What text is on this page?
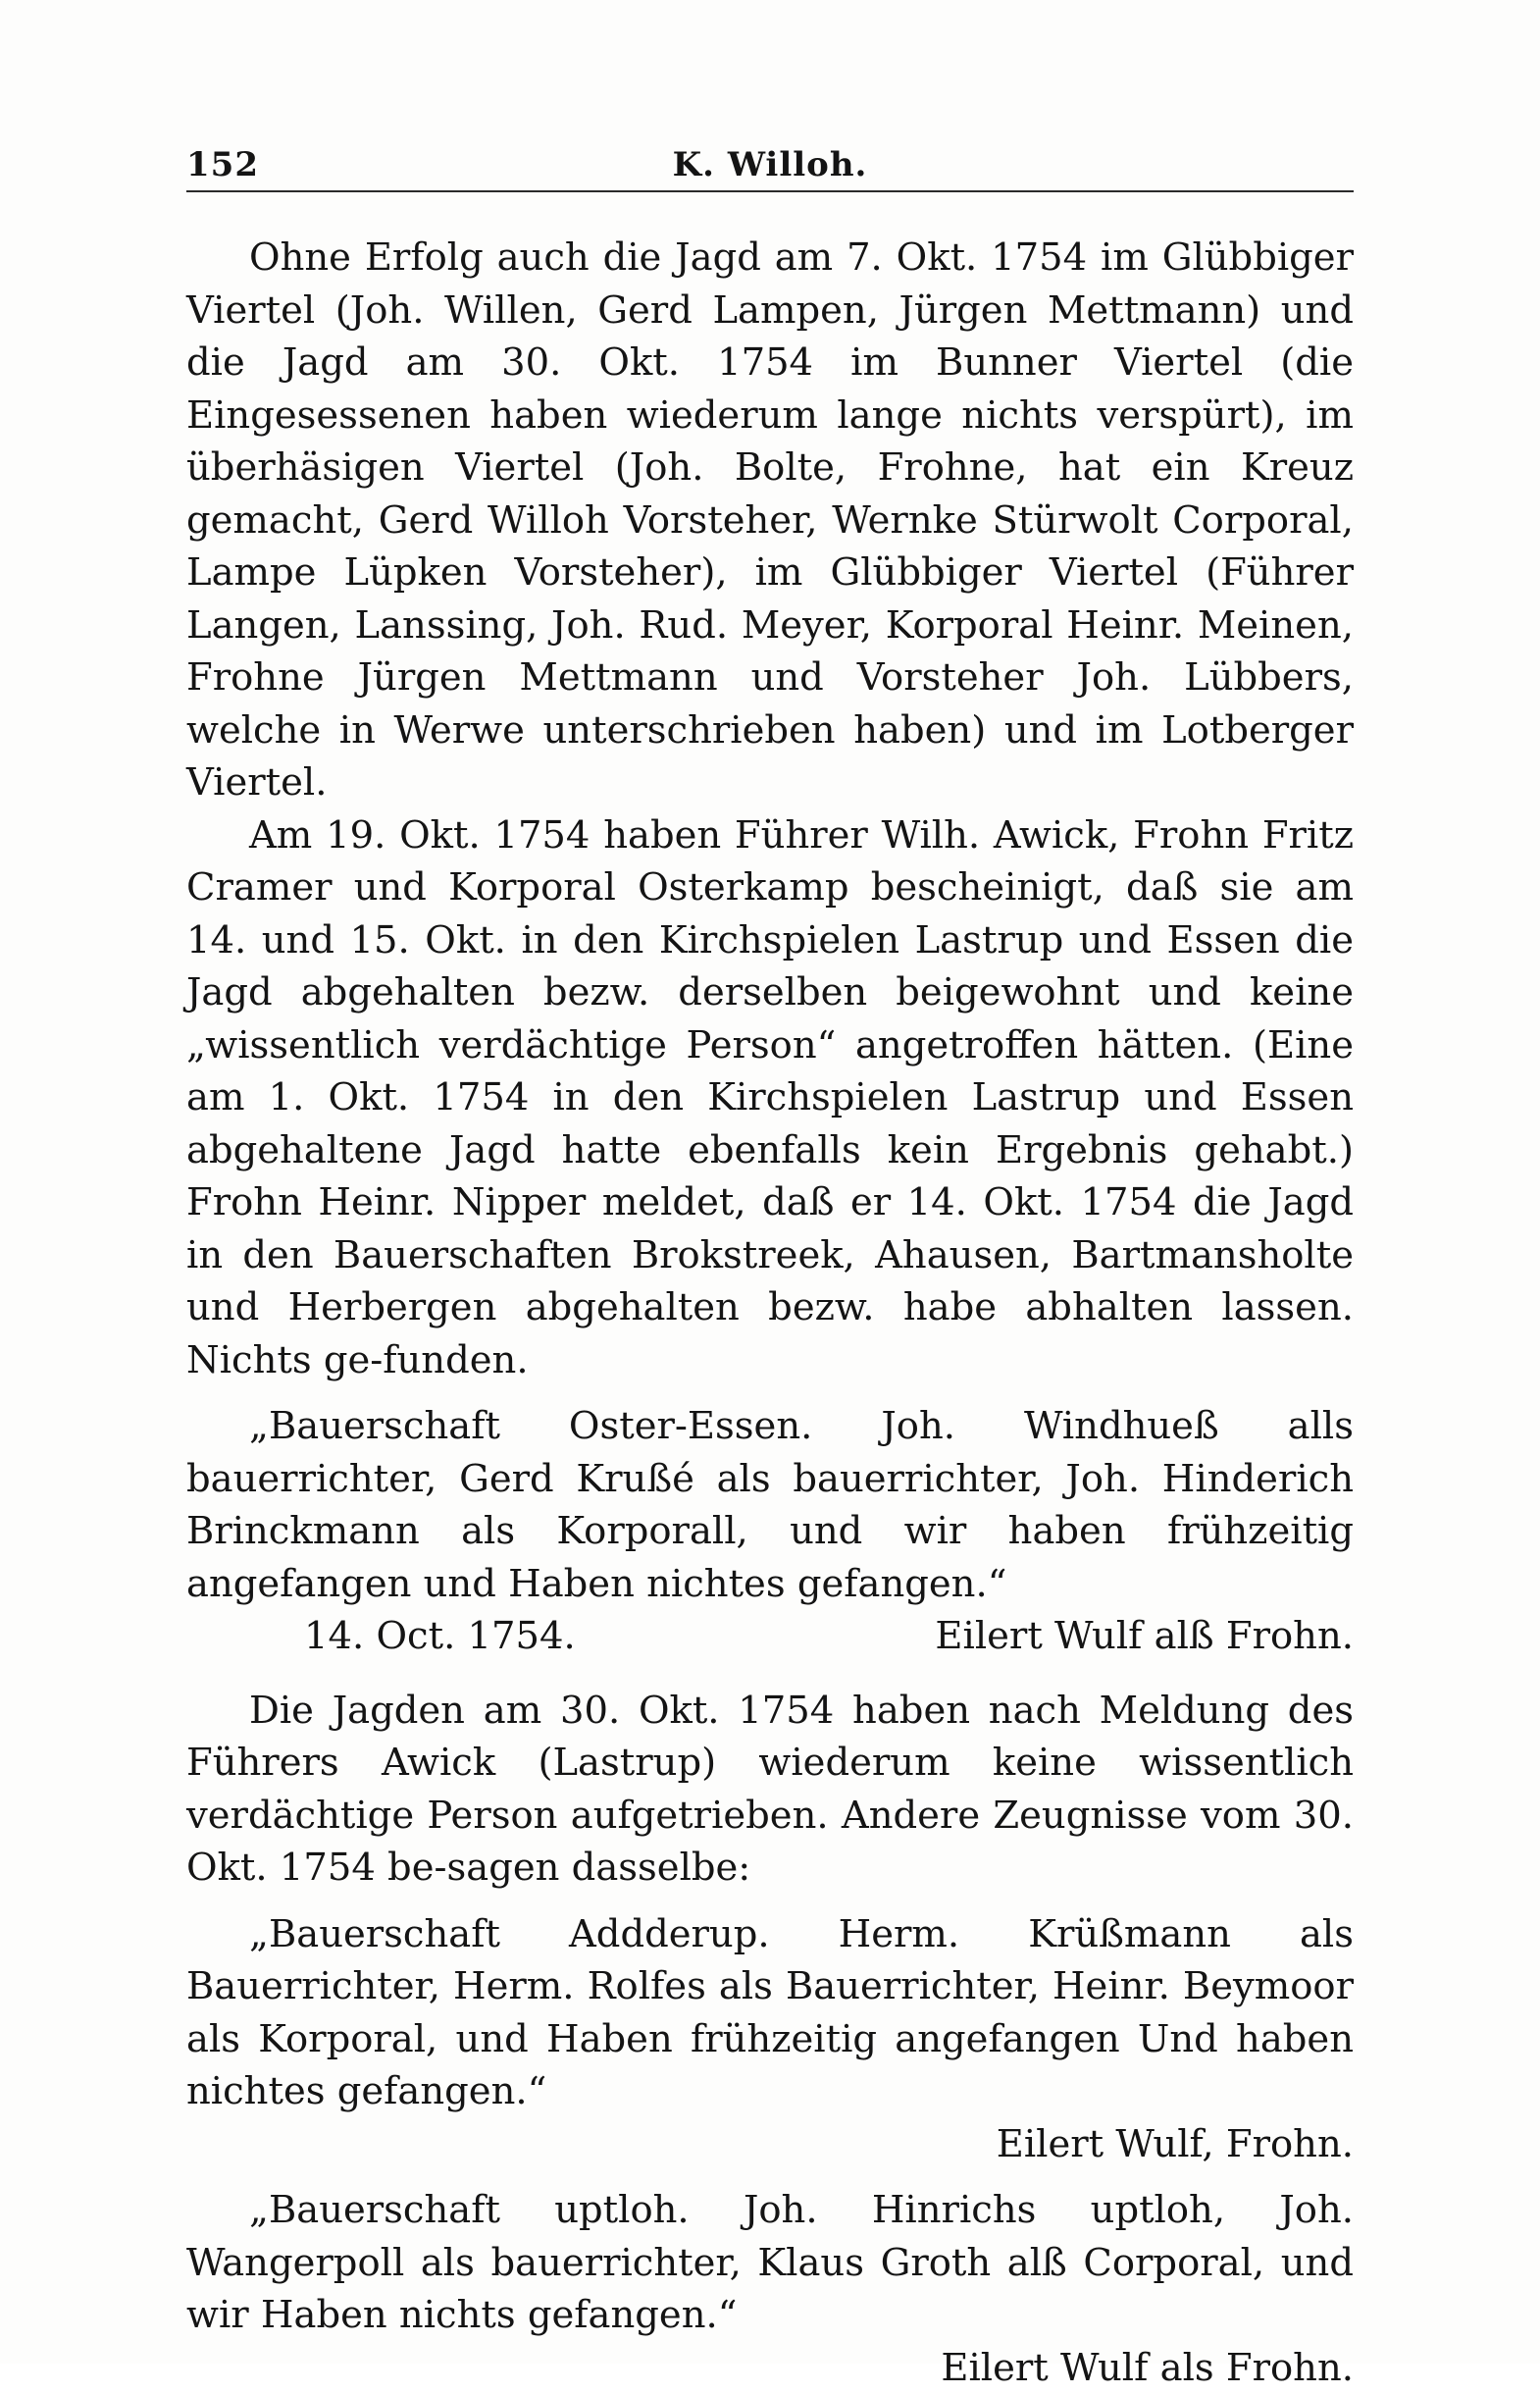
152	K. Willoh.

Ohne Erfolg auch die Jagd am 7. Okt. 1754 im Glübbiger Viertel (Joh. Willen, Gerd Lampen, Jürgen Mettmann) und die Jagd am 30. Okt. 1754 im Bunner Viertel (die Eingesessenen haben wiederum lange nichts verspürt), im überhäsigen Viertel (Joh. Bolte, Frohne, hat ein Kreuz gemacht, Gerd Willoh Vorsteher, Wernke Stürwolt Corporal, Lampe Lüpken Vorsteher), im Glübbiger Viertel (Führer Langen, Lanssing, Joh. Rud. Meyer, Korporal Heinr. Meinen, Frohne Jürgen Mettmann und Vorsteher Joh. Lübbers, welche in Werwe unterschrieben haben) und im Lotberger Viertel.

Am 19. Okt. 1754 haben Führer Wilh. Awick, Frohn Fritz Cramer und Korporal Osterkamp bescheinigt, daß sie am 14. und 15. Okt. in den Kirchspielen Lastrup und Essen die Jagd abgehalten bezw. derselben beigewohnt und keine „wissentlich verdächtige Person“ angetroffen hätten. (Eine am 1. Okt. 1754 in den Kirchspielen Lastrup und Essen abgehaltene Jagd hatte ebenfalls kein Ergebnis gehabt.) Frohn Heinr. Nipper meldet, daß er 14. Okt. 1754 die Jagd in den Bauerschaften Brokstreek, Ahausen, Bartmansholte und Herbergen abgehalten bezw. habe abhalten lassen. Nichts ge-funden.

„Bauerschaft Oster-Essen. Joh. Windhueß alls bauerrichter, Gerd Krußé als bauerrichter, Joh. Hinderich Brinckmann als Korporall, und wir haben frühzeitig angefangen und Haben nichtes gefangen.“

14. Oct. 1754.	Eilert Wulf alß Frohn.

Die Jagden am 30. Okt. 1754 haben nach Meldung des Führers Awick (Lastrup) wiederum keine wissentlich verdächtige Person aufgetrieben. Andere Zeugnisse vom 30. Okt. 1754 be-sagen dasselbe:

„Bauerschaft Addderup. Herm. Krüßmann als Bauerrichter, Herm. Rolfes als Bauerrichter, Heinr. Beymoor als Korporal, und Haben frühzeitig angefangen Und haben nichtes gefangen.“

Eilert Wulf, Frohn.

„Bauerschaft uptloh. Joh. Hinrichs uptloh, Joh. Wangerpoll als bauerrichter, Klaus Groth alß Corporal, und wir Haben nichts gefangen.“

Eilert Wulf als Frohn.
